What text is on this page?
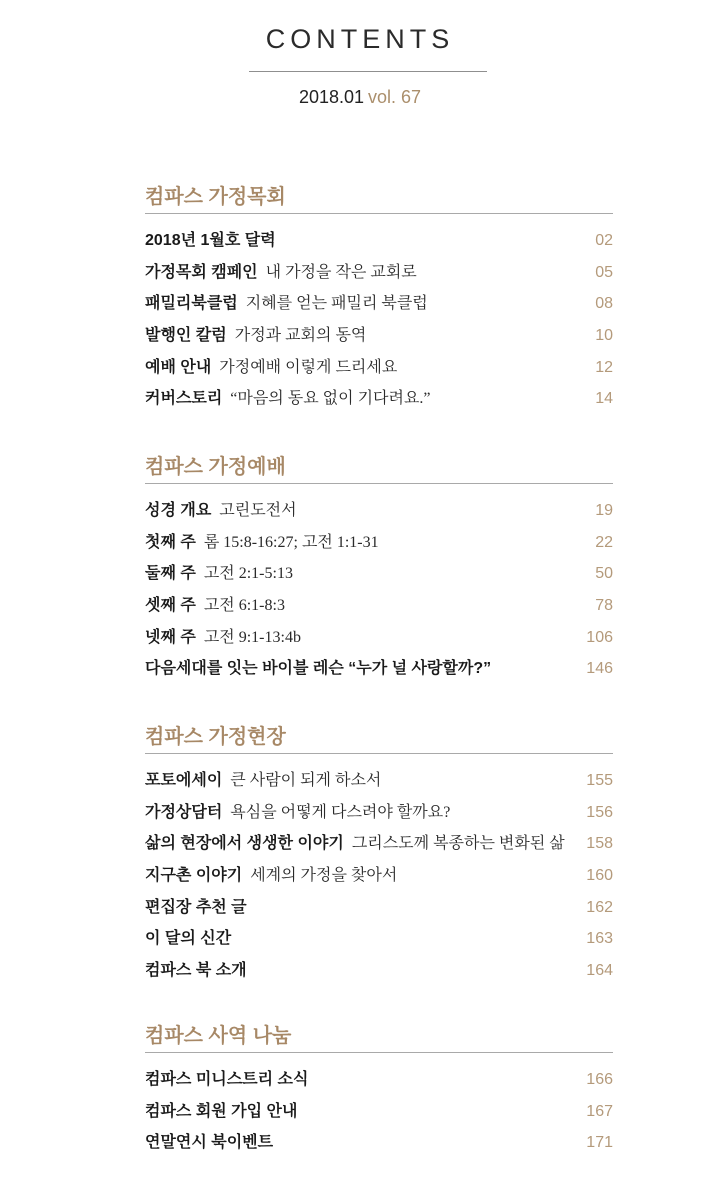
CONTENTS
2018.01 vol. 67
컴파스 가정목회
2018년 1월호 달력	02
가정목회 캠페인 내 가정을 작은 교회로	05
패밀리북클럽 지혜를 얻는 패밀리 북클럽	08
발행인 칼럼 가정과 교회의 동역	10
예배 안내 가정예배 이렇게 드리세요	12
커버스토리 “마음의 동요 없이 기다려요.”	14
컴파스 가정예배
성경 개요 고린도전서	19
첫째 주 롬 15:8-16:27; 고전 1:1-31	22
둘째 주 고전 2:1-5:13	50
셋째 주 고전 6:1-8:3	78
넷째 주 고전 9:1-13:4b	106
다음세대를 잇는 바이블 레슨 “누가 널 사랑할까?”	146
컴파스 가정현장
포토에세이 큰 사람이 되게 하소서	155
가정상담터 욕심을 어떻게 다스려야 할까요?	156
삶의 현장에서 생생한 이야기 그리스도께 복종하는 변화된 삶 158
지구촌 이야기 세계의 가정을 찾아서	160
편집장 추천 글	162
이 달의 신간	163
컴파스 북 소개	164
컴파스 사역 나눔
컴파스 미니스트리 소식	166
컴파스 회원 가입 안내	167
연말연시 북이벤트	171
